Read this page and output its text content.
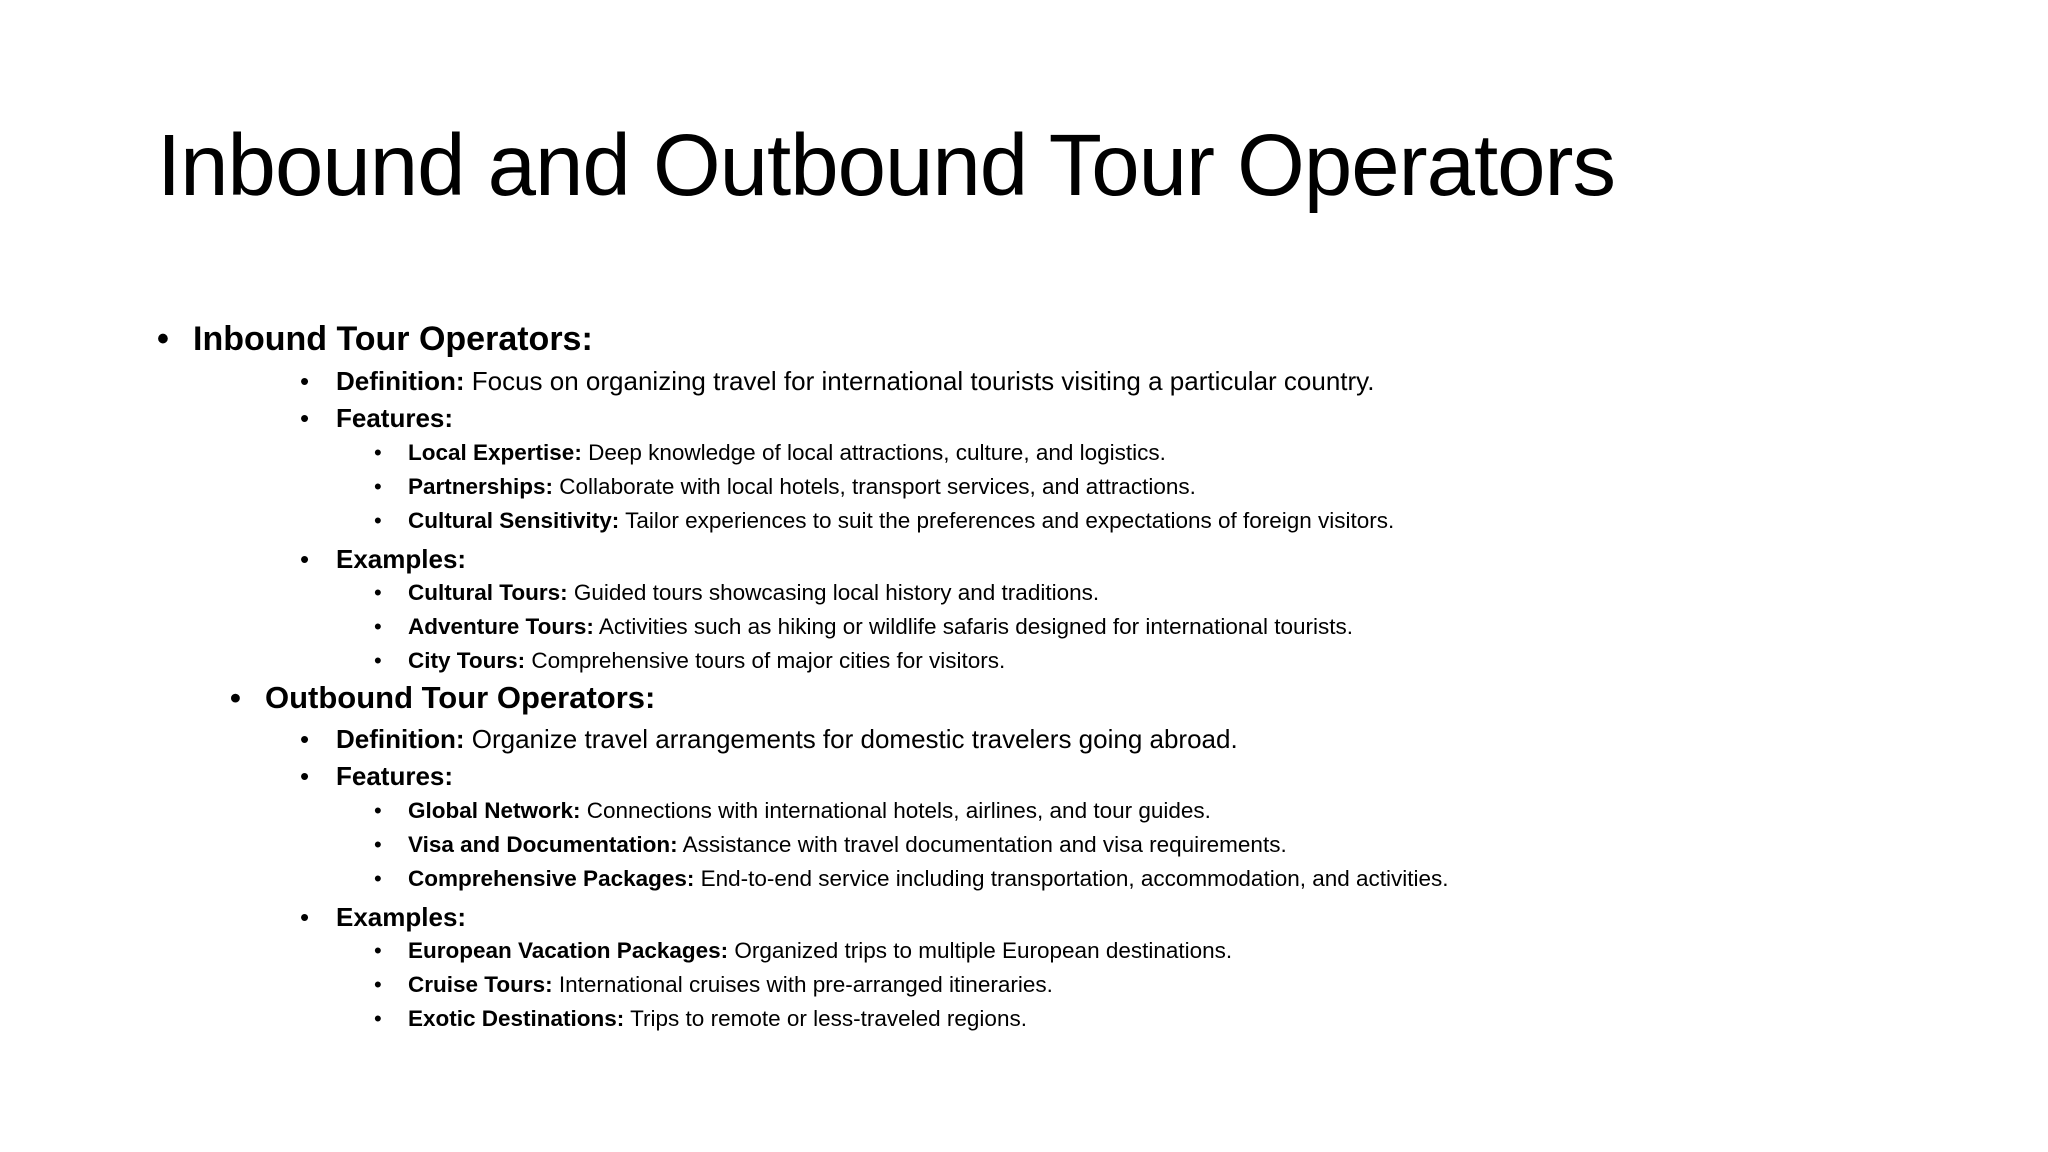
Inbound and Outbound Tour Operators
• Inbound Tour Operators:
• Definition: Focus on organizing travel for international tourists visiting a particular country.
• Features:
• Local Expertise: Deep knowledge of local attractions, culture, and logistics.
• Partnerships: Collaborate with local hotels, transport services, and attractions.
• Cultural Sensitivity: Tailor experiences to suit the preferences and expectations of foreign visitors.
• Examples:
• Cultural Tours: Guided tours showcasing local history and traditions.
• Adventure Tours: Activities such as hiking or wildlife safaris designed for international tourists.
• City Tours: Comprehensive tours of major cities for visitors.
• Outbound Tour Operators:
• Definition: Organize travel arrangements for domestic travelers going abroad.
• Features:
• Global Network: Connections with international hotels, airlines, and tour guides.
• Visa and Documentation: Assistance with travel documentation and visa requirements.
• Comprehensive Packages: End-to-end service including transportation, accommodation, and activities.
• Examples:
• European Vacation Packages: Organized trips to multiple European destinations.
• Cruise Tours: International cruises with pre-arranged itineraries.
• Exotic Destinations: Trips to remote or less-traveled regions.
